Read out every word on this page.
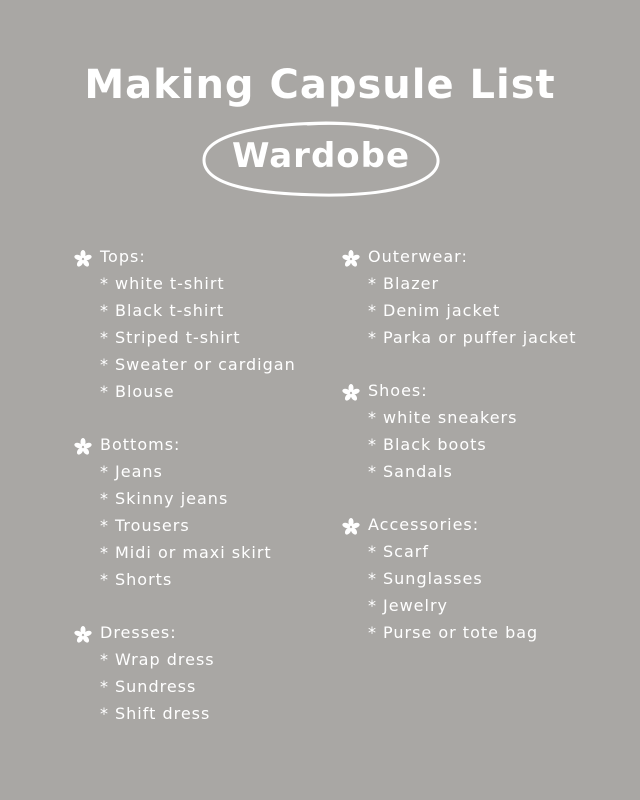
Making Capsule List
Wardobe
Tops:
* white t-shirt
* Black t-shirt
* Striped t-shirt
* Sweater or cardigan
* Blouse
Bottoms:
* Jeans
* Skinny jeans
* Trousers
* Midi or maxi skirt
* Shorts
Dresses:
* Wrap dress
* Sundress
* Shift dress
Outerwear:
* Blazer
* Denim jacket
* Parka or puffer jacket
Shoes:
* white sneakers
* Black boots
* Sandals
Accessories:
* Scarf
* Sunglasses
* Jewelry
* Purse or tote bag
